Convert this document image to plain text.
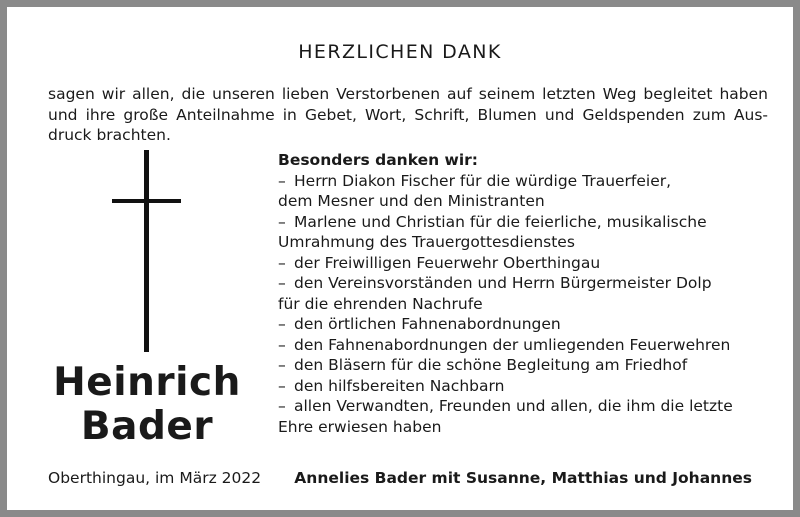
HERZLICHEN DANK
sagen wir allen, die unseren lieben Verstorbenen auf seinem letzten Weg begleitet haben
und ihre große Anteilnahme in Gebet, Wort, Schrift, Blumen und Geldspenden zum Aus-
druck brachten.
Heinrich
Bader
Besonders danken wir:
– Herrn Diakon Fischer für die würdige Trauerfeier,
dem Mesner und den Ministranten
– Marlene und Christian für die feierliche, musikalische
Umrahmung des Trauergottesdienstes
– der Freiwilligen Feuerwehr Oberthingau
– den Vereinsvorständen und Herrn Bürgermeister Dolp
für die ehrenden Nachrufe
– den örtlichen Fahnenabordnungen
– den Fahnenabordnungen der umliegenden Feuerwehren
– den Bläsern für die schöne Begleitung am Friedhof
– den hilfsbereiten Nachbarn
– allen Verwandten, Freunden und allen, die ihm die letzte
Ehre erwiesen haben
Oberthingau, im März 2022 Annelies Bader mit Susanne, Matthias und Johannes
